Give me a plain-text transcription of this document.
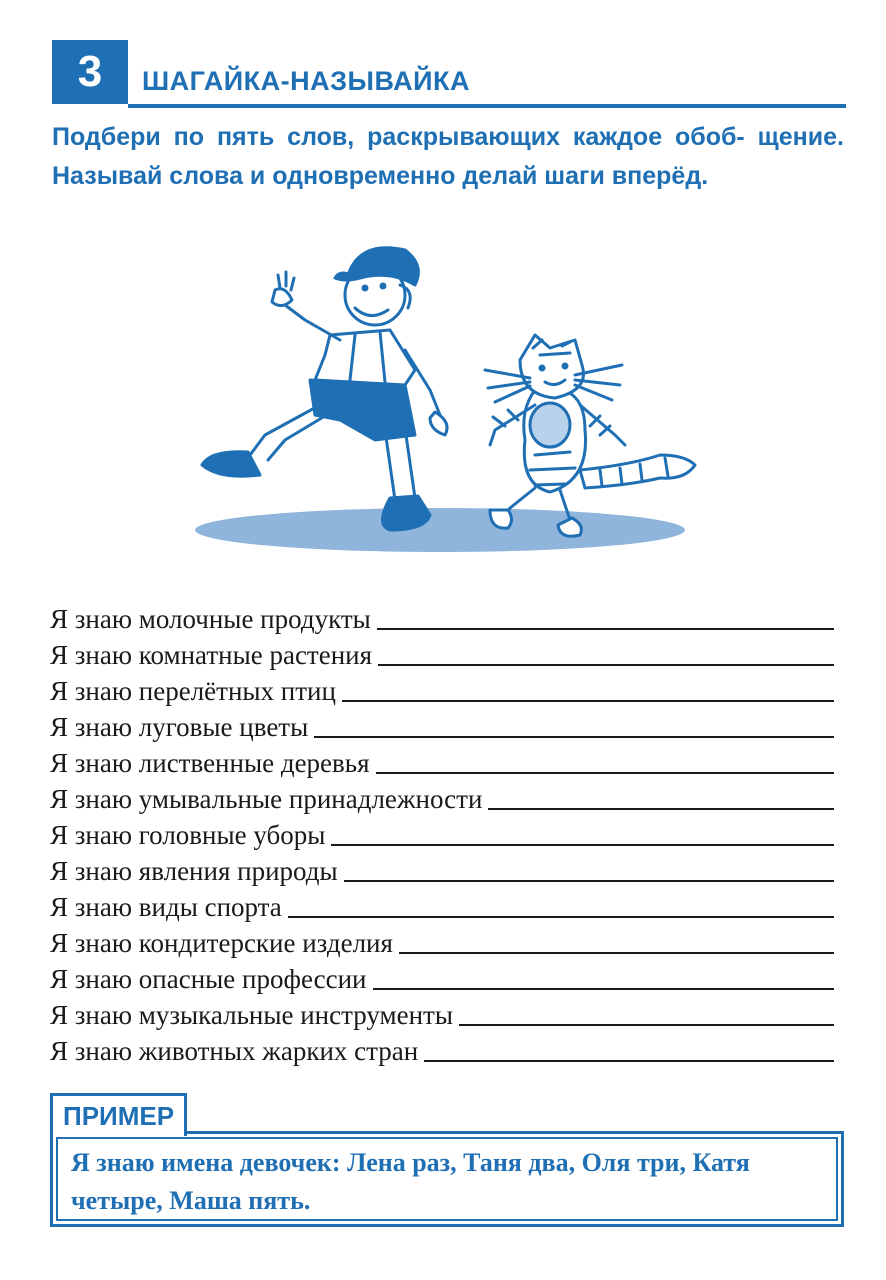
3	ШАГАЙКА-НАЗЫВАЙКА

Подбери по пять слов, раскрывающих каждое обоб- щение. Называй слова и одновременно делай шаги вперёд.

Я знаю молочные продукты
Я знаю комнатные растения
Я знаю перелётных птиц
Я знаю луговые цветы
Я знаю лиственные деревья
Я знаю умывальные принадлежности
Я знаю головные уборы
Я знаю явления природы
Я знаю виды спорта
Я знаю кондитерские изделия
Я знаю опасные профессии
Я знаю музыкальные инструменты
Я знаю животных жарких стран

Я знаю имена девочек: Лена раз, Таня два, Оля три, Катя четыре, Маша пять.

ПРИМЕР
